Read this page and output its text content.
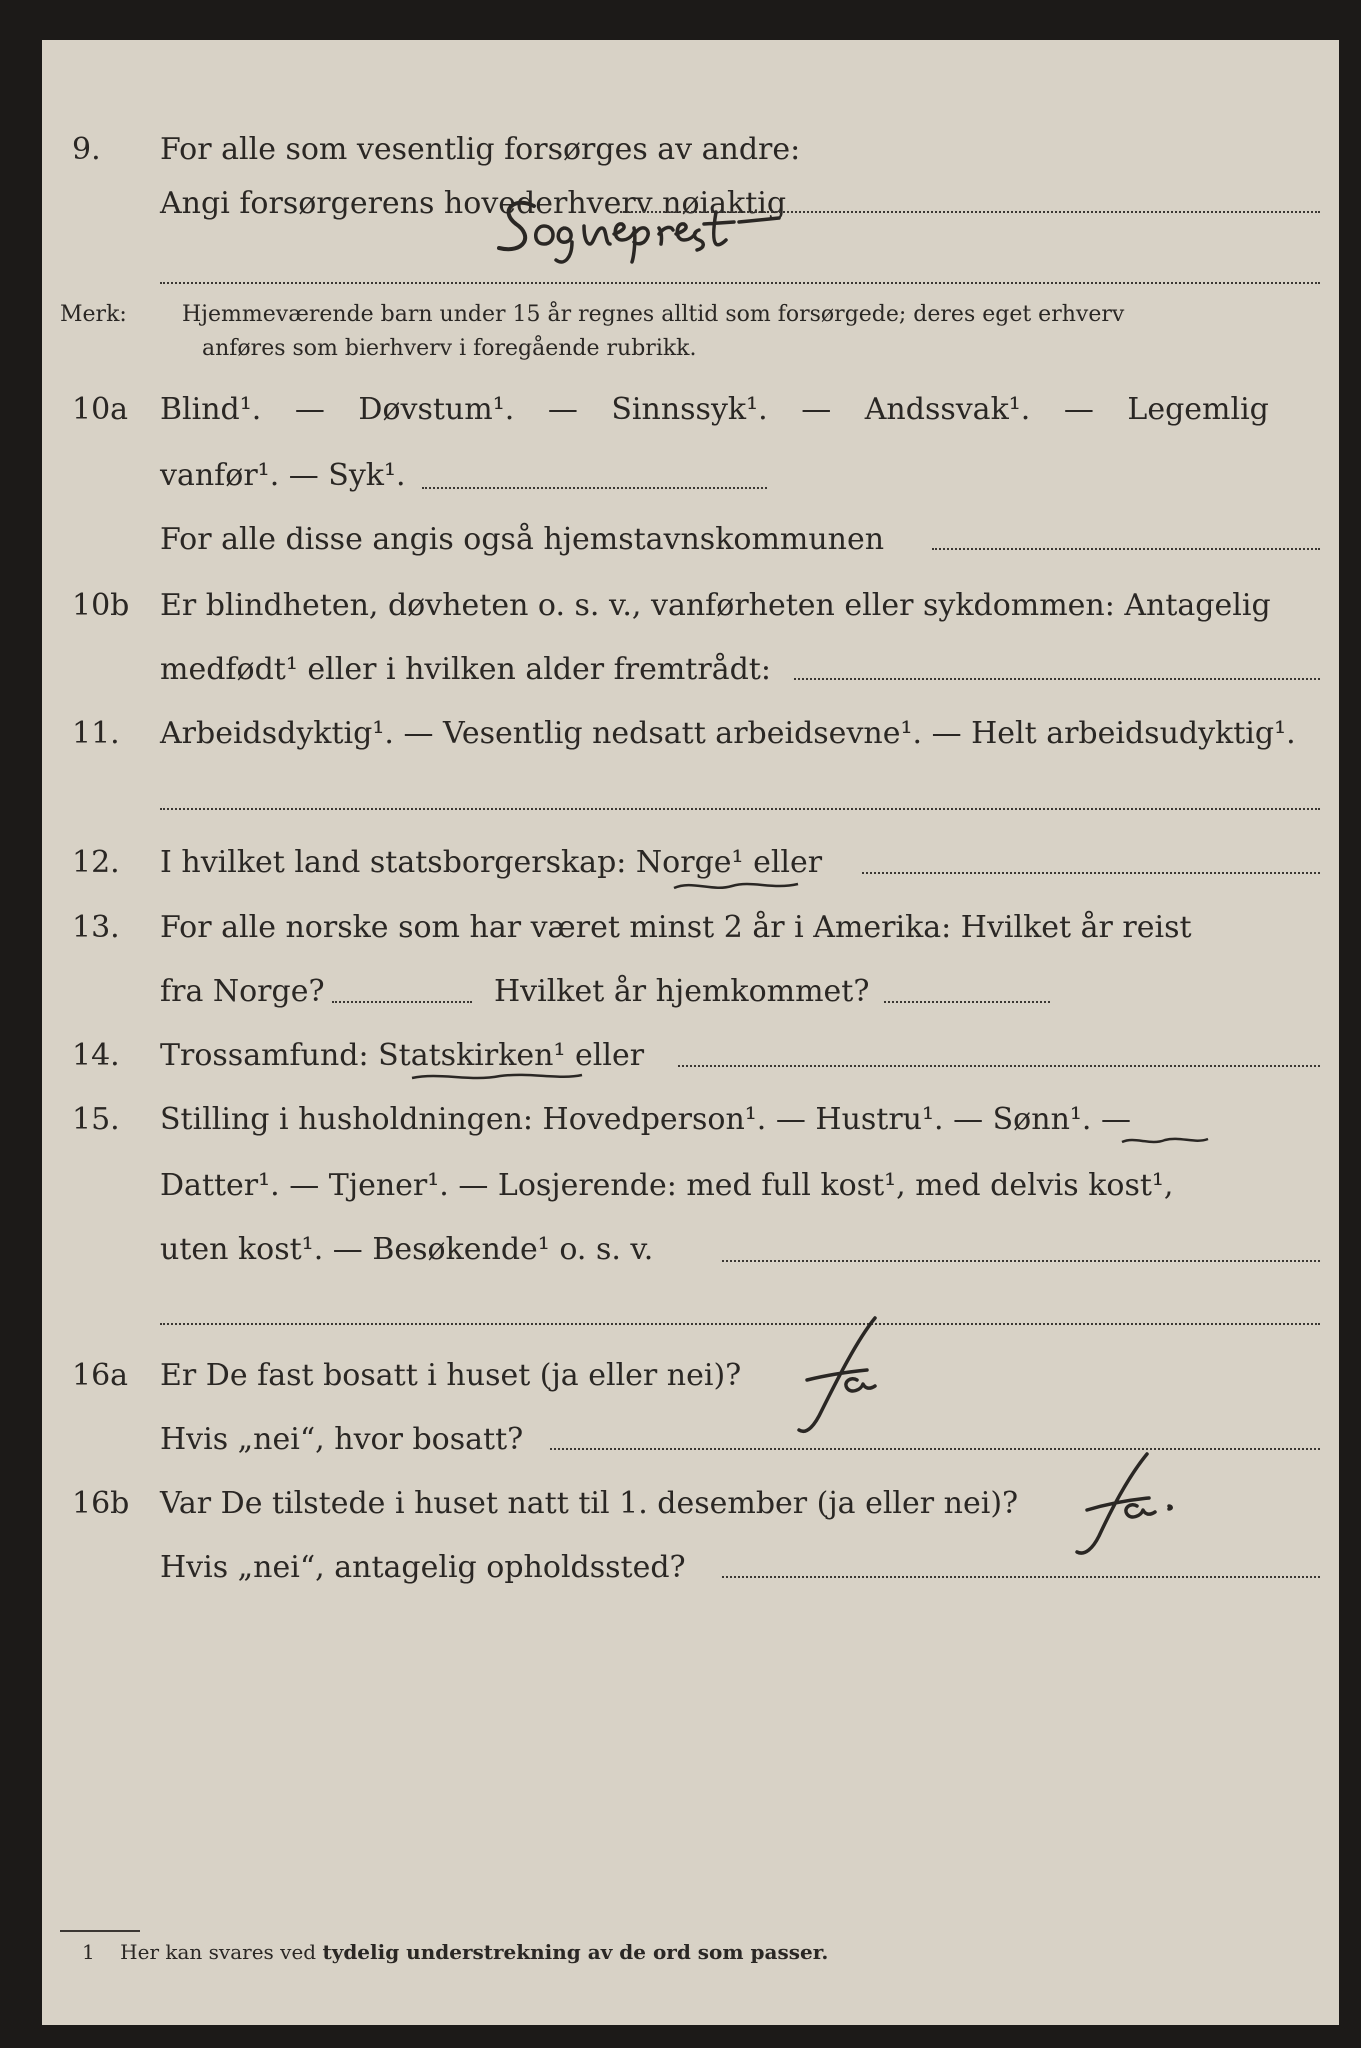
9. For alle som vesentlig forsørges av andre:
Angi forsørgerens hovederhverv nøiaktig
Merk:	Hjemmeværende barn under 15 år regnes alltid som forsørgede; deres eget erhverv
anføres som bierhverv i foregående rubrikk.
10a Blind¹. — Døvstum¹. — Sinnssyk¹. — Andssvak¹. — Legemlig
vanfør¹. — Syk¹.
For alle disse angis også hjemstavnskommunen
10b Er blindheten, døvheten o. s. v., vanførheten eller sykdommen: Antagelig
medfødt¹ eller i hvilken alder fremtrådt:
11. Arbeidsdyktig¹. — Vesentlig nedsatt arbeidsevne¹. — Helt arbeidsudyktig¹.
12. I hvilket land statsborgerskap: Norge¹ eller
13. For alle norske som har været minst 2 år i Amerika: Hvilket år reist
fra Norge?	Hvilket år hjemkommet?
14. Trossamfund: Statskirken¹ eller
15. Stilling i husholdningen: Hovedperson¹. — Hustru¹. — Sønn¹. —
Datter¹. — Tjener¹. — Losjerende: med full kost¹, med delvis kost¹,
uten kost¹. — Besøkende¹ o. s. v.
16a Er De fast bosatt i huset (ja eller nei)?
Hvis „nei“, hvor bosatt?
16b Var De tilstede i huset natt til 1. desember (ja eller nei)?
Hvis „nei“, antagelig opholdssted?
1 Her kan svares ved tydelig understrekning av de ord som passer.
